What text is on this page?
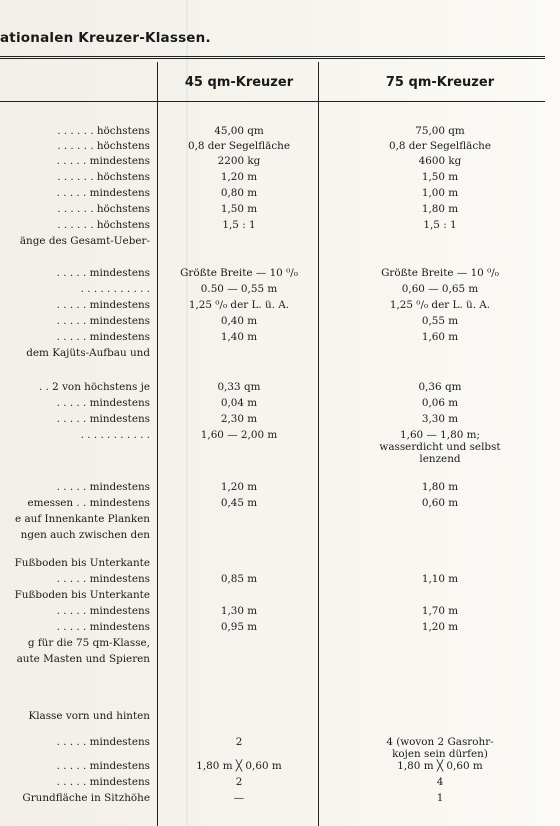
ationalen Kreuzer-Klassen.
45 qm-Kreuzer	75 qm-Kreuzer
. . . . . . höchstens	45,00 qm	75,00 qm
. . . . . . höchstens	0,8 der Segelfläche	0,8 der Segelfläche
. . . . . mindestens	2200 kg	4600 kg
. . . . . . höchstens	1,20 m	1,50 m
. . . . . mindestens	0,80 m	1,00 m
. . . . . . höchstens	1,50 m	1,80 m
. . . . . . höchstens	1,5 : 1	1,5 : 1
änge des Gesamt-Ueber-
. . . . . mindestens	Größte Breite — 10 ⁰/₀	Größte Breite — 10 ⁰/₀
. . . . . . . . . . .	0.50 — 0,55 m	0,60 — 0,65 m
. . . . . mindestens	1,25 ⁰/₀ der L. ü. A.	1,25 ⁰/₀ der L. ü. A.
. . . . . mindestens	0,40 m	0,55 m
. . . . . mindestens	1,40 m	1,60 m
dem Kajüts-Aufbau und
. . 2 von höchstens je	0,33 qm	0,36 qm
. . . . . mindestens	0,04 m	0,06 m
. . . . . mindestens	2,30 m	3,30 m
. . . . . . . . . . .	1,60 — 2,00 m	1,60 — 1,80 m;
wasserdicht und selbst
lenzend
. . . . . mindestens	1,20 m	1,80 m
emessen . . mindestens	0,45 m	0,60 m
e auf Innenkante Planken
ngen auch zwischen den
Fußboden bis Unterkante
. . . . . mindestens	0,85 m	1,10 m
Fußboden bis Unterkante
. . . . . mindestens	1,30 m	1,70 m
. . . . . mindestens	0,95 m	1,20 m
g für die 75 qm-Klasse,
aute Masten und Spieren
Klasse vorn und hinten
. . . . . mindestens	2	4 (wovon 2 Gasrohr-
kojen sein dürfen)
. . . . . mindestens	1,80 m ╳ 0,60 m	1,80 m ╳ 0,60 m
. . . . . mindestens	2	4
Grundfläche in Sitzhöhe	—	1
